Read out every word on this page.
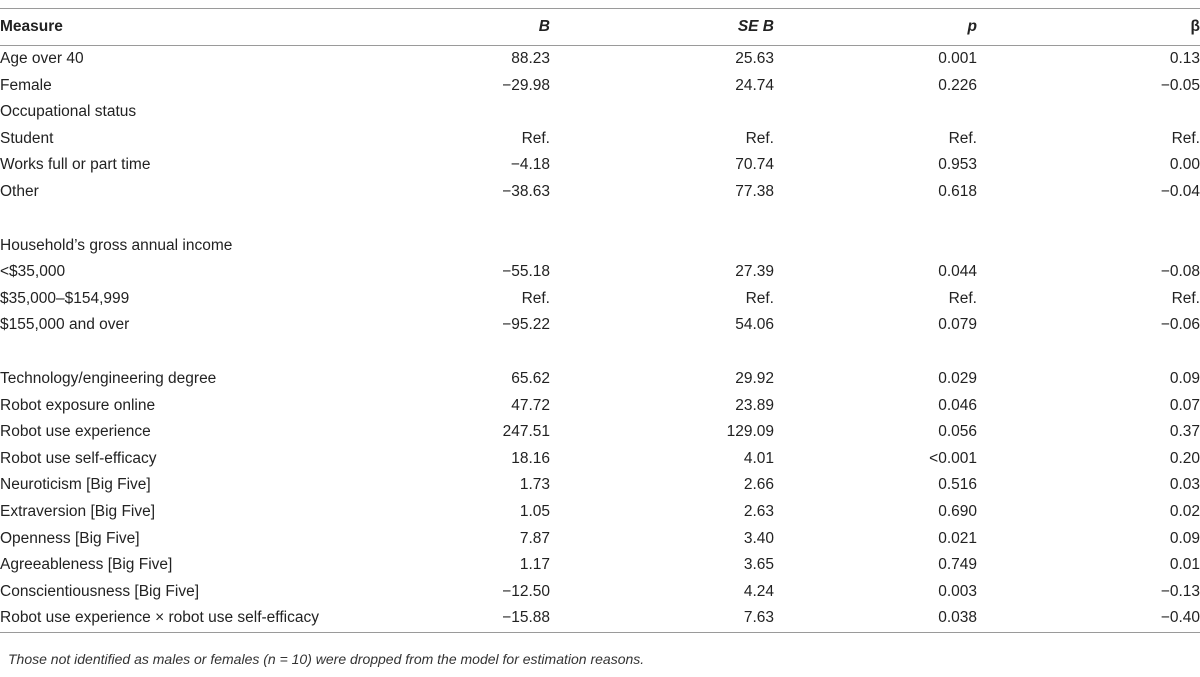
Measure	B	SE B	p	β
Age over 40	88.23	25.63	0.001	0.13
Female	−29.98	24.74	0.226	−0.05
Occupational status				
Student	Ref.	Ref.	Ref.	Ref.
Works full or part time	−4.18	70.74	0.953	0.00
Other	−38.63	77.38	0.618	−0.04

Household’s gross annual income				
<$35,000	−55.18	27.39	0.044	−0.08
$35,000–$154,999	Ref.	Ref.	Ref.	Ref.
$155,000 and over	−95.22	54.06	0.079	−0.06

Technology/engineering degree	65.62	29.92	0.029	0.09
Robot exposure online	47.72	23.89	0.046	0.07
Robot use experience	247.51	129.09	0.056	0.37
Robot use self-efficacy	18.16	4.01	<0.001	0.20
Neuroticism [Big Five]	1.73	2.66	0.516	0.03
Extraversion [Big Five]	1.05	2.63	0.690	0.02
Openness [Big Five]	7.87	3.40	0.021	0.09
Agreeableness [Big Five]	1.17	3.65	0.749	0.01
Conscientiousness [Big Five]	−12.50	4.24	0.003	−0.13
Robot use experience × robot use self-efficacy	−15.88	7.63	0.038	−0.40
Those not identified as males or females (n = 10) were dropped from the model for estimation reasons.
